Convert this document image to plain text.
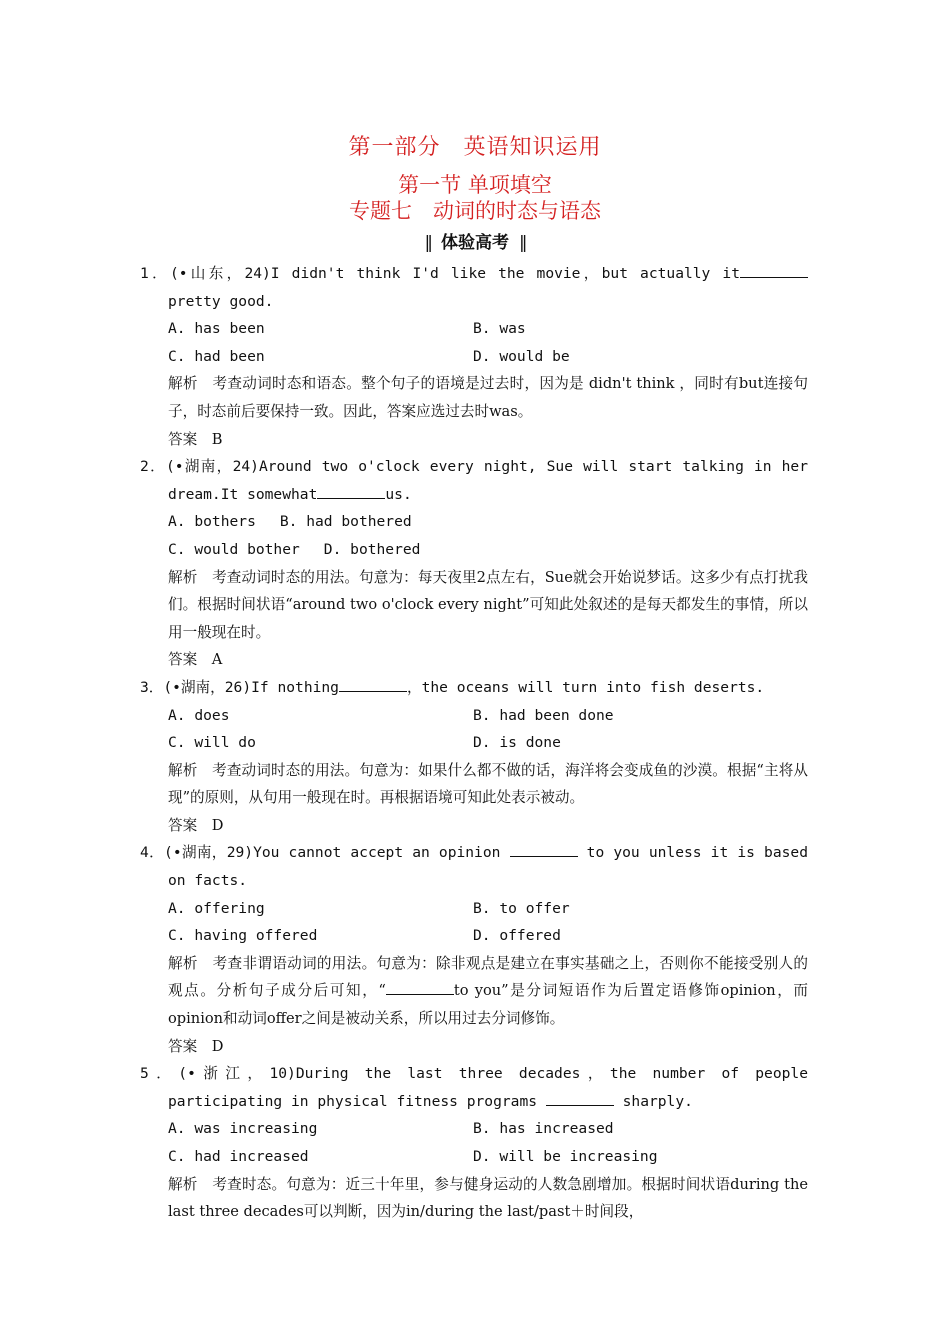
第一部分　英语知识运用
第一节 单项填空
专题七　动词的时态与语态
‖ 体验高考 ‖
1．(•山东，24)I didn't think I'd like the movie，but actually itpretty good.
A. has been	B. was
C. had been	D. would be
解析　考查动词时态和语态。整个句子的语境是过去时，因为是 didn't think ，同时有but连接句子，时态前后要保持一致。因此，答案应选过去时was。
答案　B
2．(•湖南，24)Around two o'clock every night, Sue will start talking in her dream.It somewhat	us.
A. bothers B. had bothered
C. would bother D. bothered
解析　考查动词时态的用法。句意为：每天夜里2点左右，Sue就会开始说梦话。这多少有点打扰我们。根据时间状语“around two o'clock every night”可知此处叙述的是每天都发生的事情，所以用一般现在时。
答案　A
3．(•湖南，26)If nothing	，the oceans will turn into fish deserts.
A. does	B. had been done
C. will do	D. is done
解析　考查动词时态的用法。句意为：如果什么都不做的话，海洋将会变成鱼的沙漠。根据“主将从现”的原则，从句用一般现在时。再根据语境可知此处表示被动。
答案　D
4．(•湖南，29)You cannot accept an opinion	to you unless it is based on facts.
A. offering	B. to offer
C. having offered	D. offered
解析　考查非谓语动词的用法。句意为：除非观点是建立在事实基础之上，否则你不能接受别人的观点。分析句子成分后可知，“	to you”是分词短语作为后置定语修饰opinion，而opinion和动词offer之间是被动关系，所以用过去分词修饰。
答案　D
5．(•浙江，10)During the last three decades，the number of people participating in physical fitness programs	sharply.
A. was increasing	B. has increased
C. had increased	D. will be increasing
解析　考查时态。句意为：近三十年里，参与健身运动的人数急剧增加。根据时间状语during the last three decades可以判断，因为in/during the last/past＋时间段，
